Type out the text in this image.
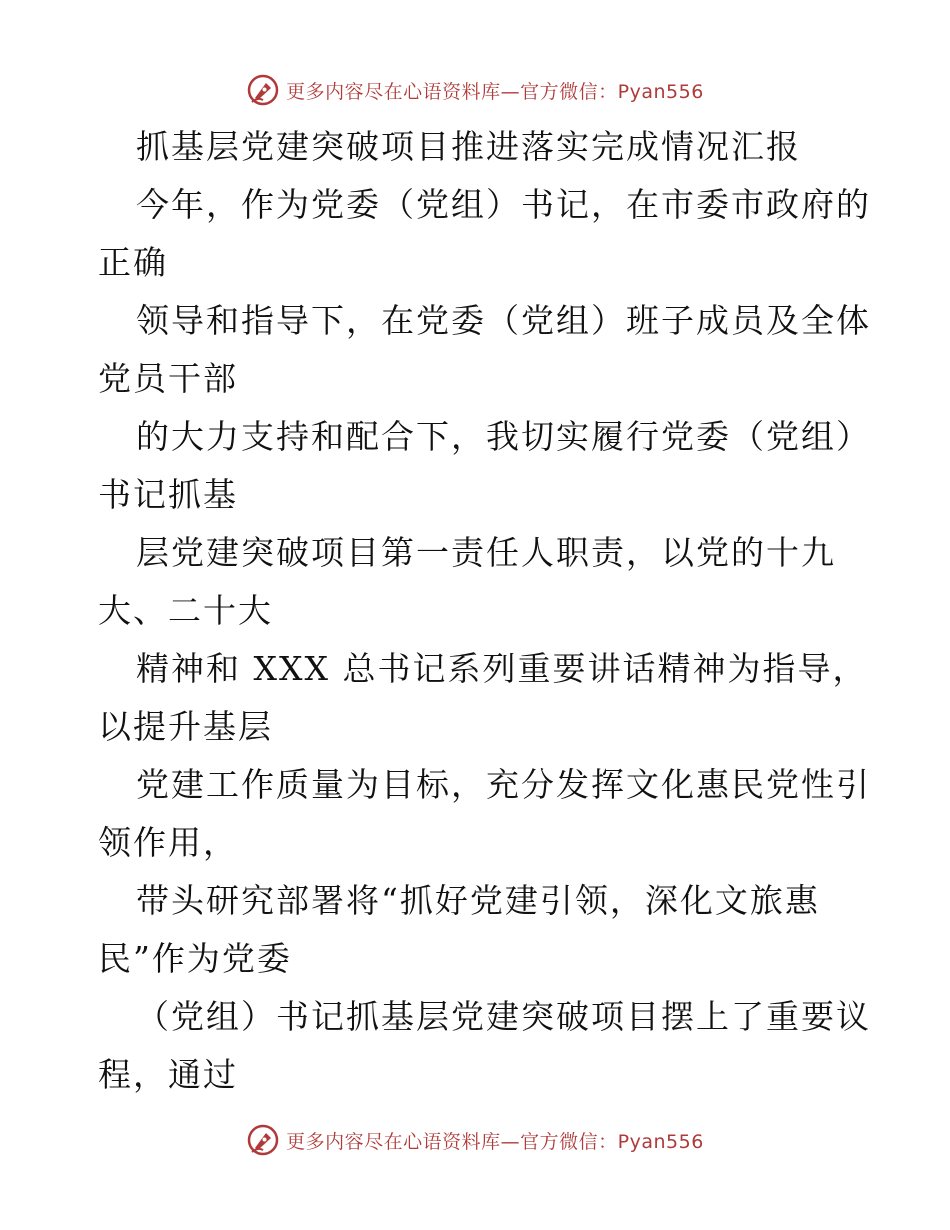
更多内容尽在心语资料库—官方微信：Pyan556
抓基层党建突破项目推进落实完成情况汇报
今年，作为党委（党组）书记，在市委市政府的
正确
领导和指导下，在党委（党组）班子成员及全体
党员干部
的大力支持和配合下，我切实履行党委（党组）
书记抓基
层党建突破项目第一责任人职责，以党的十九
大、二十大
精神和 XXX 总书记系列重要讲话精神为指导，
以提升基层
党建工作质量为目标，充分发挥文化惠民党性引
领作用，
带头研究部署将“抓好党建引领，深化文旅惠
民”作为党委
（党组）书记抓基层党建突破项目摆上了重要议
程，通过
更多内容尽在心语资料库—官方微信：Pyan556
